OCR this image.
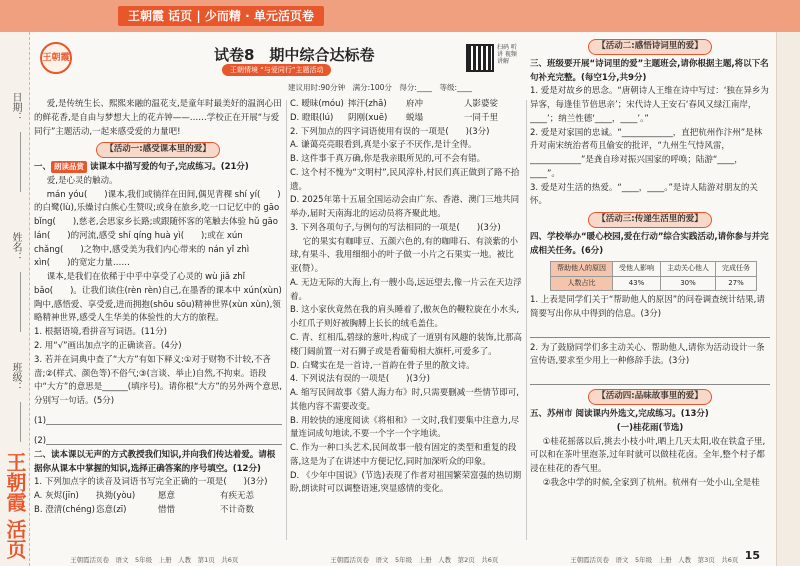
王朝霞 话页 | 少而精 · 单元活页卷
日期：
姓名：
班级：
王朝霞 活页
王朝霞	试卷8　期中综合达标卷
王朝情境 “与爱同行”主题活动
扫码 听讲 视频 讲解
建议用时:90分钟　满分:100分　得分:____　等级:____

爱,是传统生长、熙熙来融的温花支,是童年时最美好的温润心田的鲜花香,是自由与梦想大上的花卉钟——……学校正在开展“与爱同行”主题活动,一起来感受爱的力量吧!

【活动一:感受课本里的爱】

一、 朗读品赏 读课本中描写爱的句子,完成练习。(21分)

爱,是心灵的触动。

mán yóu(　　)课本,我们或徜徉在田间,偶见青稞 shí yí(　　)的白鹭(lù),乐燥讨白熊心生赞叹;或身在旅乡,吃一口记忆中的 gāo bǐng(　　),慈老,会思家乡长路;或跟随怀客的笔触去体验 hǔ gāo lán(　　)的河流,感受 shí qíng huà yì(　　);或在 xún chǎng(　　)之物中,感受美为我们内心带来的 nán yǐ zhì xìn(　　)的宽定力量……

课本,是我们在依稀于中乎中享受了心灵的 wù jiǎ zhǐ bǎo(　　)。让我们读住(rèn rèn)自己,在墨香的课本中 xún(xùn)陶中,感悟爱、享受爱,进而拥抱(shōu sōu)精神世界(xùn xùn),领略精神世界,感受人生华美的体验性的大方的旅程。

1. 根据语境,看拼音写词语。(11分)

2. 用“√”画出加点字的正确读音。(4分)

3. 若并在词典中查了“大方”有如下释义:①对于财物不计较,不吝啬;②(样式、颜色等)不俗气;③(言谈、举止)自然,不拘束。语段中“大方”的意思是______(填序号)。请你根“大方”的另外两个意思,分别写一句话。(5分)

(1)
(2)

二、读本课以无声的方式教授我们知识,并向我们传达着爱。请根据你从课本中掌握的知识,选择正确答案的序号填空。(12分)

1. 下列加点字的读音及词语书写完全正确的一项是(　　)(3分)

A. 灰烬(jīn)	执拗(yòu)	愿意	有疾无恙
B. 澄清(chéng) 恣意(zī)	惜惜	不计奇数
王朝霞活页卷　语文　5年级　上册　人教　第1页　共6页
C. 暧昧(móu) 摔汗(zhā)	府冲	人影婆娑
D. 瞪眼(lú)	阴刚(xuē)	蜕塌	一同千里

2. 下列加点的四字词语使用有误的一项是(　　)(3分)

A. 谦蔼亮亮眼看到,真是小家子不厌作,是计全得。

B. 这件事千真万确,你是我亲眼所见的,可不会有错。

C. 这个村不愧为“文明村”,民风淳朴,村民们真正做到了路不拾遗。

D. 2025年第十五届全国运动会由广东、香港、澳门三地共同举办,届时天南海北的运动员将齐聚此地。

3. 下列各项句子,与例句的写法相同的一项是(　　)(3分)

它的果实有咖啡豆、五颜六色的,有的咖啡石、有淡紫的小球,有果斗、我用细细小的叶子做一小片之石果实一地。被比亚(赞）。

A. 无边无际的大海上,有一艘小岛,远远望去,像一片云在天边浮着。

B. 这小家伙竟然在我的肩头睡着了,傲灰色的鞭粒旋在小水头,小红爪子则好被胸膊上长长的绒毛盖住。

C. 青、红相瓜,碧绿的葱叶,构成了一道别有风趣的装饰,比那高楼门阔前置一对石狮子或是看葡萄相大旗杆,可爱多了。

D. 白鹭实在是一首诗,一首韵在骨子里的散文诗。

4. 下列说法有误的一项是(　　)(3分)

A. 缩写民间故事《猎人海力布》时,只需要删减一些情节即可,其他内容不需要改变。

B. 用较快的速度阅读《将相和》一文时,我们要集中注意力,尽量连词成句地读,不要一个字一个字地读。

C. 作为一种口头艺术,民间故事一般有固定的类型和重复的段落,这是为了在讲述中方便记忆,同时加深听众的印象。

D. 《少年中国说》(节选)表现了作者对祖国繁荣富强的热切期盼,朗读时可以调整语速,突显感情的变化。

王朝霞活页卷　语文　5年级　上册　人教　第2页　共6页
【活动二:感悟诗词里的爱】

三、班级要开展“诗词里的爱”主题班会,请你根据主题,将以下名句补充完整。(每空1分,共9分)

1. 爱是对故乡的思念。“唐朝诗人王维在诗中写过：‘独在异乡为异客，每逢佳节倍思亲’；宋代诗人王安石‘春风又绿江南岸，____’；纳兰性德‘____，____’。”

2. 爱是对家国的忠诚。“____________，直把杭州作汴州”是林升对南宋统治者苟且偷安的批评，“九州生气恃风雷，____________”是龚自珍对振兴国家的呼唤；陆游“____，____”。

3. 爱是对生活的热爱。“____，____。”是诗人陆游对朋友的关怀。

【活动三:传递生活里的爱】

四、学校举办“暖心校园,爱在行动”综合实践活动,请你参与并完成相关任务。(6分)

帮助他人的原因	受他人影响	主动关心他人	完成任务
人数占比	43%	30%	27%

1. 上表是同学们关于“帮助他人的原因”的问卷调查统计结果,请简要写出你从中得到的信息。(3分)

2. 为了鼓励同学们多主动关心、帮助他人,请你为活动设计一条宣传语,要求至少用上一种修辞手法。(3分)

【活动四:品味故事里的爱】

五、苏州市 阅读课内外选文,完成练习。(13分)

(一)桂花雨(节选)

①桂花摇落以后,挑去小枝小叶,晒上几天太阳,收在铁盒子里,可以和在茶叶里泡茶,过年时就可以做桂花卤。全年,整个村子都浸在桂花的香气里。

②我念中学的时候,全家到了杭州。杭州有一处小山,全是桂

王朝霞活页卷　语文　5年级　上册　人教　第3页　共6页 15
